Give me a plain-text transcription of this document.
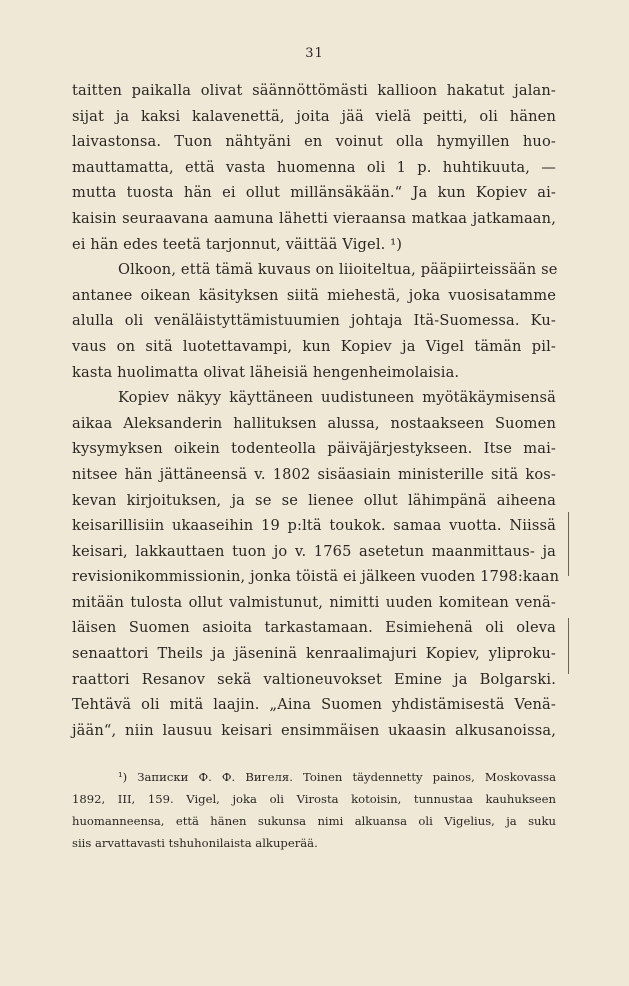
31
taitten paikalla olivat säännöttömästi kallioon hakatut jalan-
sijat ja kaksi kalavenettä, joita jää vielä peitti, oli hänen
laivastonsa. Tuon nähtyäni en voinut olla hymyillen huo-
mauttamatta, että vasta huomenna oli 1 p. huhtikuuta, —
mutta tuosta hän ei ollut millänsäkään.“ Ja kun Kopiev ai-
kaisin seuraavana aamuna lähetti vieraansa matkaa jatkamaan,
ei hän edes teetä tarjonnut, väittää Vigel. ¹)
Olkoon, että tämä kuvaus on liioiteltua, pääpiirteissään se
antanee oikean käsityksen siitä miehestä, joka vuosisatamme
alulla oli venäläistyttämistuumien johtaja Itä-Suomessa. Ku-
vaus on sitä luotettavampi, kun Kopiev ja Vigel tämän pil-
kasta huolimatta olivat läheisiä hengenheimolaisia.
Kopiev näkyy käyttäneen uudistuneen myötäkäymisensä
aikaa Aleksanderin hallituksen alussa, nostaakseen Suomen
kysymyksen oikein todenteolla päiväjärjestykseen. Itse mai-
nitsee hän jättäneensä v. 1802 sisäasiain ministerille sitä kos-
kevan kirjoituksen, ja se se lienee ollut lähimpänä aiheena
keisarillisiin ukaaseihin 19 p:ltä toukok. samaa vuotta. Niissä
keisari, lakkauttaen tuon jo v. 1765 asetetun maanmittaus- ja
revisionikommissionin, jonka töistä ei jälkeen vuoden 1798:kaan
mitään tulosta ollut valmistunut, nimitti uuden komitean venä-
läisen Suomen asioita tarkastamaan. Esimiehenä oli olevа
senaattori Theils ja jäseninä kenraalimajuri Kopiev, yliproku-
raattori Resanov sekä valtioneuvokset Emine ja Bolgarski.
Tehtävä oli mitä laajin. „Aina Suomen yhdistämisestä Venä-
jään“, niin lausuu keisari ensimmäisen ukaasin alkusanoissa,
¹) Записки Ф. Ф. Вигеля. Toinen täydennetty painos, Moskovassa
1892, III, 159. Vigel, joka oli Virosta kotoisin, tunnustaa kauhukseen
huomanneensa, että hänen sukunsa nimi alkuansa oli Vigelius, ja suku
siis arvattavasti tshuhonilaista alkuperää.
